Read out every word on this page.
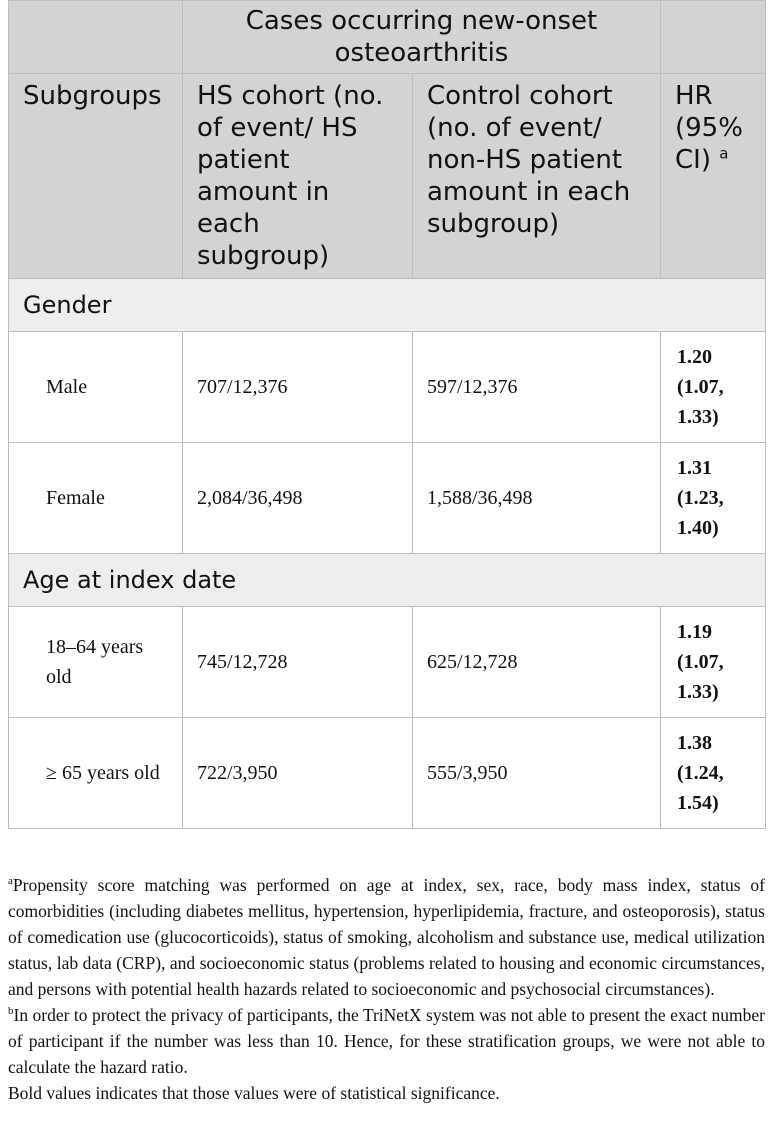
	Cases occurring new-onset osteoarthritis		
Subgroups	HS cohort (no. of event/ HS patient amount in each subgroup)	Control cohort (no. of event/ non-HS patient amount in each subgroup)	HR (95% CI) $^a$
Gender			
Male	707/12,376	597/12,376	1.20 (1.07, 1.33)
Female	2,084/36,498	1,588/36,498	1.31 (1.23, 1.40)
Age at index date			
18–64 years old	745/12,728	625/12,728	1.19 (1.07, 1.33)
≥ 65 years old	722/3,950	555/3,950	1.38 (1.24, 1.54)

$^a$Propensity score matching was performed on age at index, sex, race, body mass index, status of comorbidities (including diabetes mellitus, hypertension, hyperlipidemia, fracture, and osteoporosis), status of comedication use (glucocorticoids), status of smoking, alcoholism and substance use, medical utilization status, lab data (CRP), and socioeconomic status (problems related to housing and economic circumstances, and persons with potential health hazards related to socioeconomic and psychosocial circumstances).

$^b$In order to protect the privacy of participants, the TriNetX system was not able to present the exact number of participant if the number was less than 10. Hence, for these stratification groups, we were not able to calculate the hazard ratio.

Bold values indicates that those values were of statistical significance.
